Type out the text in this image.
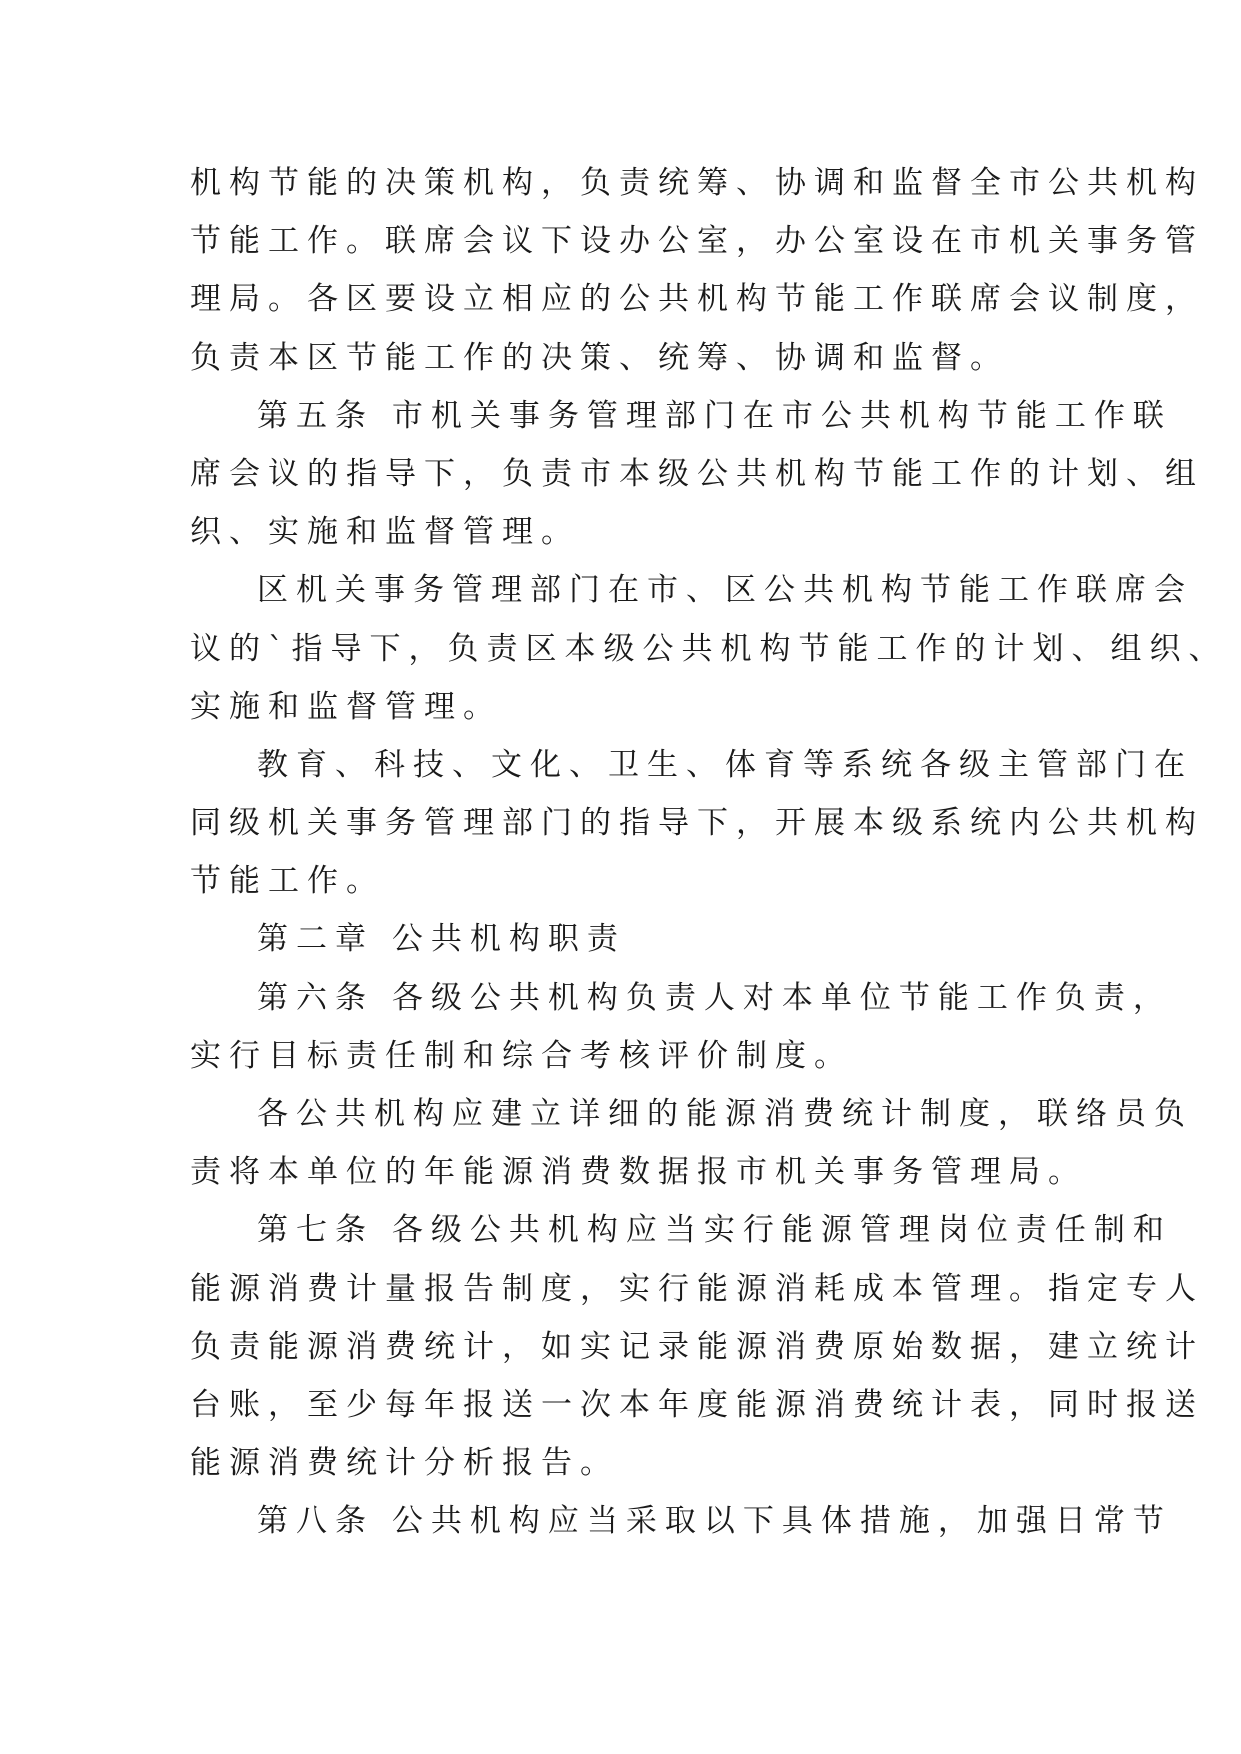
机构节能的决策机构，负责统筹、协调和监督全市公共机构
节能工作。联席会议下设办公室，办公室设在市机关事务管
理局。各区要设立相应的公共机构节能工作联席会议制度，
负责本区节能工作的决策、统筹、协调和监督。
第五条 市机关事务管理部门在市公共机构节能工作联
席会议的指导下，负责市本级公共机构节能工作的计划、组
织、实施和监督管理。
区机关事务管理部门在市、区公共机构节能工作联席会
议的`指导下，负责区本级公共机构节能工作的计划、组织、
实施和监督管理。
教育、科技、文化、卫生、体育等系统各级主管部门在
同级机关事务管理部门的指导下，开展本级系统内公共机构
节能工作。
第二章 公共机构职责
第六条 各级公共机构负责人对本单位节能工作负责，
实行目标责任制和综合考核评价制度。
各公共机构应建立详细的能源消费统计制度，联络员负
责将本单位的年能源消费数据报市机关事务管理局。
第七条 各级公共机构应当实行能源管理岗位责任制和
能源消费计量报告制度，实行能源消耗成本管理。指定专人
负责能源消费统计，如实记录能源消费原始数据，建立统计
台账，至少每年报送一次本年度能源消费统计表，同时报送
能源消费统计分析报告。
第八条 公共机构应当采取以下具体措施，加强日常节
